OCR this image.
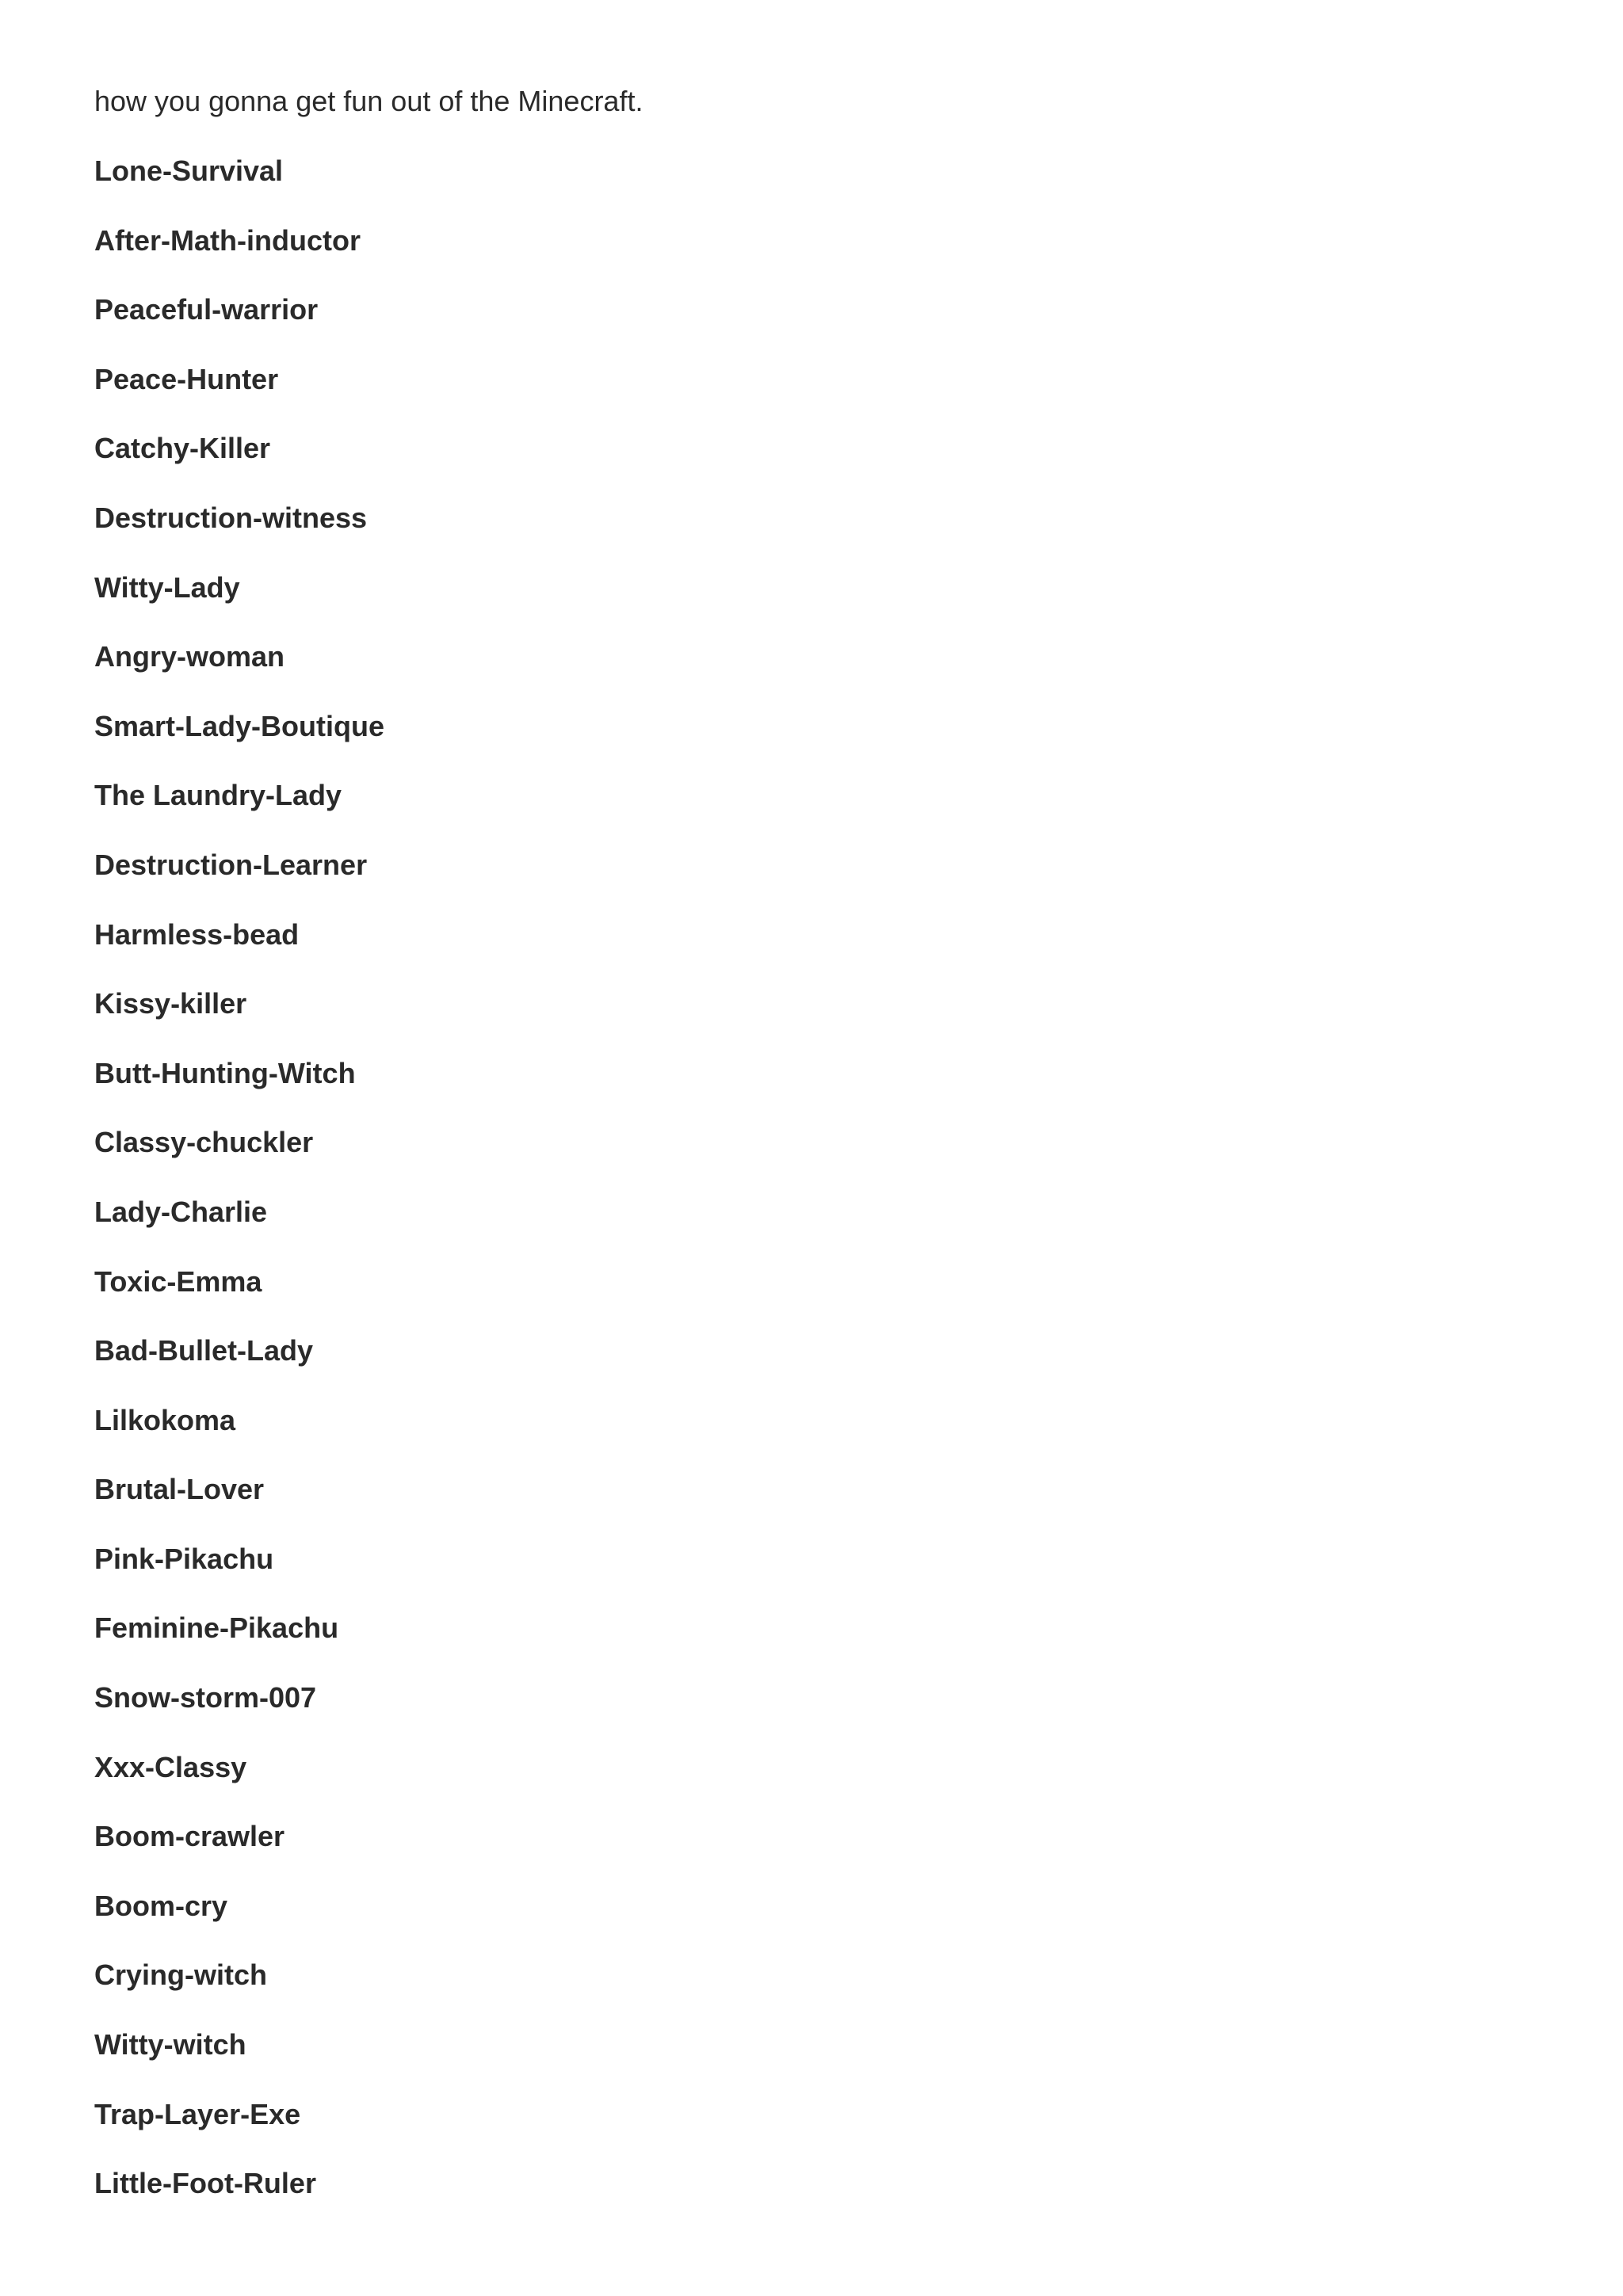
how you gonna get fun out of the Minecraft.
Lone-Survival
After-Math-inductor
Peaceful-warrior
Peace-Hunter
Catchy-Killer
Destruction-witness
Witty-Lady
Angry-woman
Smart-Lady-Boutique
The Laundry-Lady
Destruction-Learner
Harmless-bead
Kissy-killer
Butt-Hunting-Witch
Classy-chuckler
Lady-Charlie
Toxic-Emma
Bad-Bullet-Lady
Lilkokoma
Brutal-Lover
Pink-Pikachu
Feminine-Pikachu
Snow-storm-007
Xxx-Classy
Boom-crawler
Boom-cry
Crying-witch
Witty-witch
Trap-Layer-Exe
Little-Foot-Ruler
